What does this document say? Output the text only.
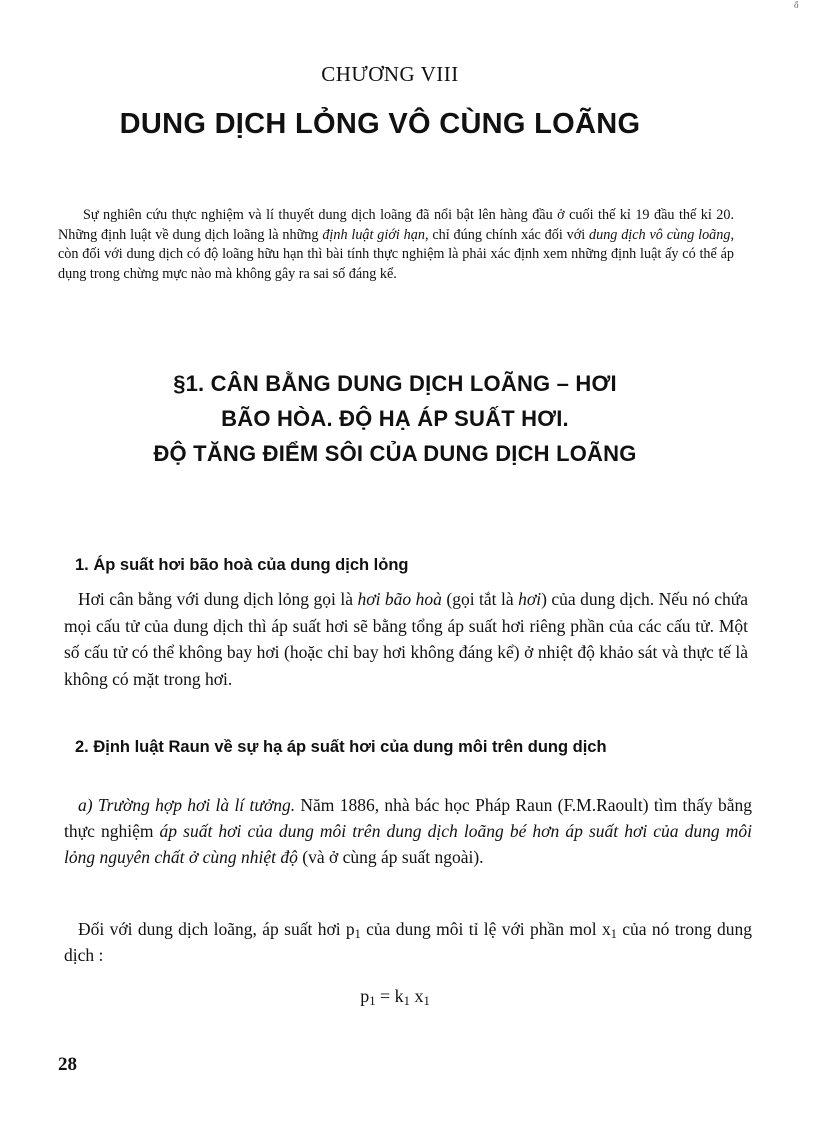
ổ
CHƯƠNG VIII
DUNG DỊCH LỎNG VÔ CÙNG LOÃNG

Sự nghiên cứu thực nghiệm và lí thuyết dung dịch loãng đã nổi bật lên hàng đầu ở cuối thế kỉ 19 đầu thế kỉ 20. Những định luật về dung dịch loãng là những định luật giới hạn, chỉ đúng chính xác đối với dung dịch vô cùng loãng, còn đối với dung dịch có độ loãng hữu hạn thì bài tính thực nghiệm là phải xác định xem những định luật ấy có thể áp dụng trong chừng mực nào mà không gây ra sai số đáng kể.

§1. CÂN BẰNG DUNG DỊCH LOÃNG – HƠI
BÃO HÒA. ĐỘ HẠ ÁP SUẤT HƠI.
ĐỘ TĂNG ĐIỂM SÔI CỦA DUNG DỊCH LOÃNG
1. Áp suất hơi bão hoà của dung dịch lỏng

Hơi cân bằng với dung dịch lỏng gọi là hơi bão hoà (gọi tắt là hơi) của dung dịch. Nếu nó chứa mọi cấu tử của dung dịch thì áp suất hơi sẽ bằng tổng áp suất hơi riêng phần của các cấu tử. Một số cấu tử có thể không bay hơi (hoặc chỉ bay hơi không đáng kể) ở nhiệt độ khảo sát và thực tế là không có mặt trong hơi.

2. Định luật Raun về sự hạ áp suất hơi của dung môi trên dung dịch

a) Trường hợp hơi là lí tưởng. Năm 1886, nhà bác học Pháp Raun (F.M.Raoult) tìm thấy bằng thực nghiệm áp suất hơi của dung môi trên dung dịch loãng bé hơn áp suất hơi của dung môi lỏng nguyên chất ở cùng nhiệt độ (và ở cùng áp suất ngoài).

Đối với dung dịch loãng, áp suất hơi $p_1$ của dung môi tỉ lệ với phần mol $x_1$ của nó trong dung dịch :

$p_1 = k_1$ $x_1$
28
